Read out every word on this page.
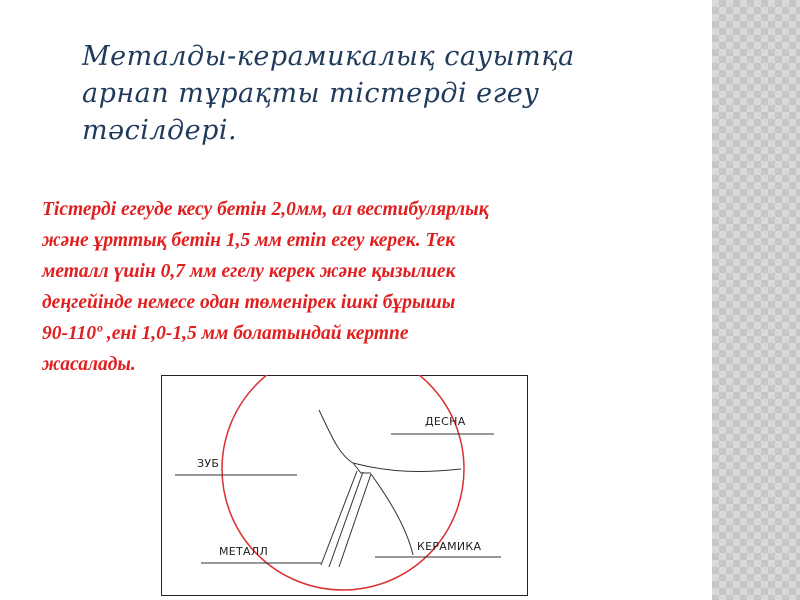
Металды-керамикалық сауытқа арнап тұрақты тістерді егеу тәсілдері.
Тістерді егеуде кесу бетін 2,0мм, ал вестибулярлық
және ұрттық бетін 1,5 мм етіп егеу керек. Тек
металл үшін 0,7 мм егелу керек және қызылиек
деңгейінде немесе одан төменірек ішкі бұрышы
90-110º ,ені 1,0-1,5 мм болатындай кертпе
жасалады.
ДЕСНА
ЗУБ
МЕТАЛЛ	КЕРАМИКА
